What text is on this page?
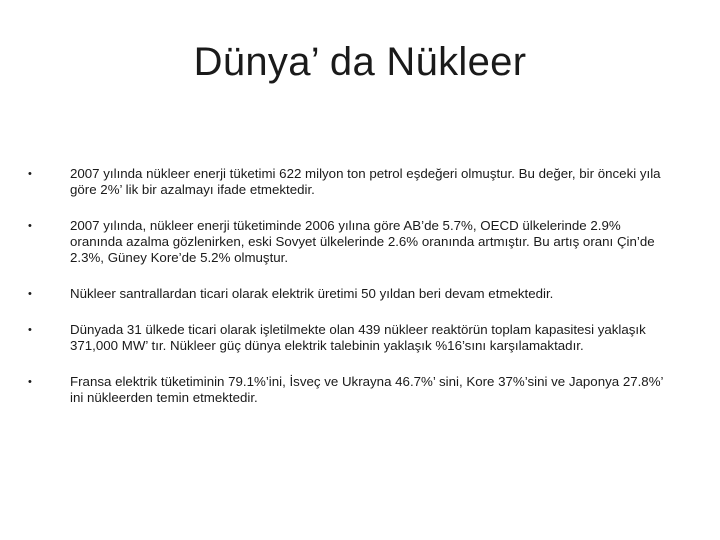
Dünya’ da Nükleer
•	2007 yılında nükleer enerji tüketimi 622 milyon ton petrol eşdeğeri olmuştur. Bu değer, bir önceki yıla göre 2%’ lik bir azalmayı ifade etmektedir.
•	2007 yılında, nükleer enerji tüketiminde 2006 yılına göre AB’de 5.7%, OECD ülkelerinde 2.9% oranında azalma gözlenirken, eski Sovyet ülkelerinde 2.6% oranında artmıştır. Bu artış oranı Çin’de 2.3%, Güney Kore’de 5.2% olmuştur.
•	Nükleer santrallardan ticari olarak elektrik üretimi 50 yıldan beri devam etmektedir.
•	Dünyada 31 ülkede ticari olarak işletilmekte olan 439 nükleer reaktörün toplam kapasitesi yaklaşık 371,000 MW’ tır. Nükleer güç dünya elektrik talebinin yaklaşık %16’sını karşılamaktadır.
•	Fransa elektrik tüketiminin 79.1%’ini, İsveç ve Ukrayna 46.7%’ sini, Kore 37%’sini ve Japonya 27.8%’ ini nükleerden temin etmektedir.
